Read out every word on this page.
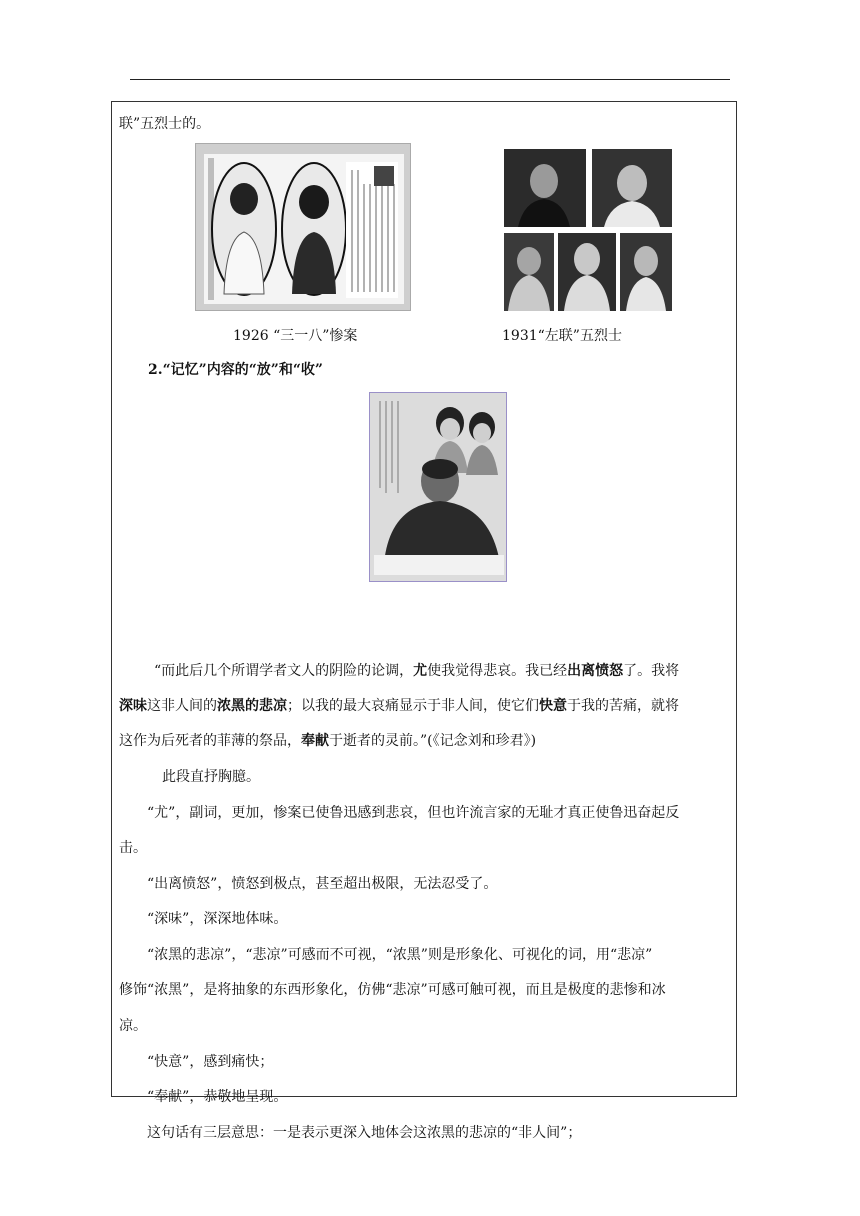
联”五烈士的。
1926 “三一八”惨案	1931“左联”五烈士
2.“记忆”内容的“放”和“收”
“而此后几个所谓学者文人的阴险的论调，尤使我觉得悲哀。我已经出离愤怒了。我将
深味这非人间的浓黑的悲凉；以我的最大哀痛显示于非人间，使它们快意于我的苦痛，就将
这作为后死者的菲薄的祭品，奉献于逝者的灵前。”(《记念刘和珍君》)
此段直抒胸臆。
“尤”，副词，更加，惨案已使鲁迅感到悲哀，但也许流言家的无耻才真正使鲁迅奋起反
击。
“出离愤怒”，愤怒到极点，甚至超出极限，无法忍受了。
“深味”，深深地体味。
“浓黑的悲凉”，“悲凉”可感而不可视，“浓黑”则是形象化、可视化的词，用“悲凉”
修饰“浓黑”，是将抽象的东西形象化，仿佛“悲凉”可感可触可视，而且是极度的悲惨和冰
凉。
“快意”，感到痛快；
“奉献”，恭敬地呈现。
这句话有三层意思：一是表示更深入地体会这浓黑的悲凉的“非人间”；
